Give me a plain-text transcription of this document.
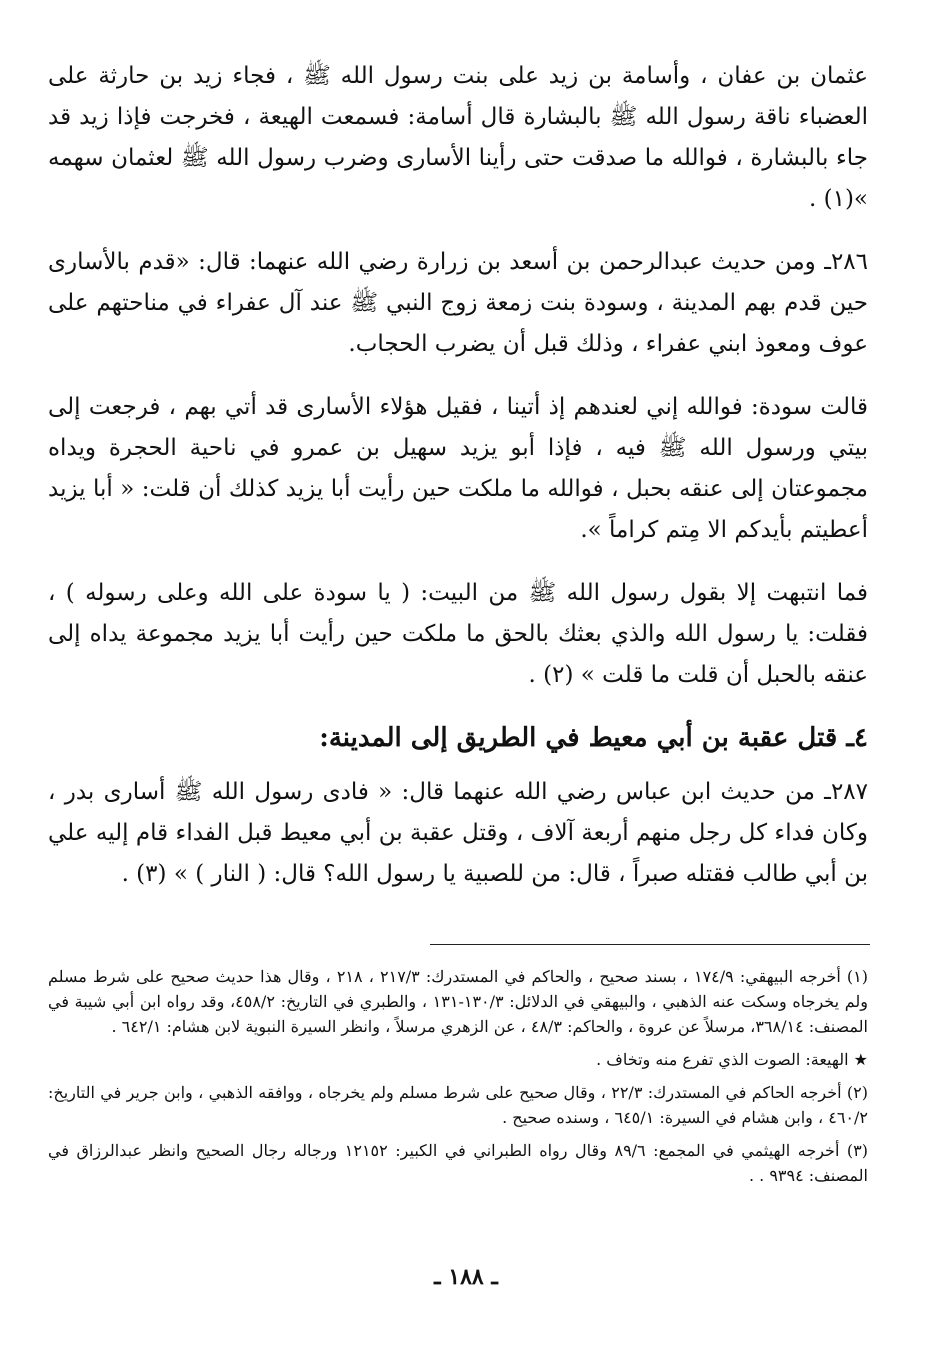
عثمان بن عفان ، وأسامة بن زيد على بنت رسول الله ﷺ ، فجاء زيد بن حارثة على العضباء ناقة رسول الله ﷺ بالبشارة قال أسامة: فسمعت الهيعة ، فخرجت فإذا زيد قد جاء بالبشارة ، فوالله ما صدقت حتى رأينا الأسارى وضرب رسول الله ﷺ لعثمان سهمه »(١) .

٢٨٦ـ ومن حديث عبدالرحمن بن أسعد بن زرارة رضي الله عنهما: قال: «قدم بالأسارى حين قدم بهم المدينة ، وسودة بنت زمعة زوج النبي ﷺ عند آل عفراء في مناحتهم على عوف ومعوذ ابني عفراء ، وذلك قبل أن يضرب الحجاب.

قالت سودة: فوالله إني لعندهم إذ أتينا ، فقيل هؤلاء الأسارى قد أتي بهم ، فرجعت إلى بيتي ورسول الله ﷺ فيه ، فإذا أبو يزيد سهيل بن عمرو في ناحية الحجرة ويداه مجموعتان إلى عنقه بحبل ، فوالله ما ملكت حين رأيت أبا يزيد كذلك أن قلت: « أبا يزيد أعطيتم بأيدكم الا مِتم كراماً ».

فما انتبهت إلا بقول رسول الله ﷺ من البيت: ( يا سودة على الله وعلى رسوله ) ، فقلت: يا رسول الله والذي بعثك بالحق ما ملكت حين رأيت أبا يزيد مجموعة يداه إلى عنقه بالحبل أن قلت ما قلت » (٢) .

٤ـ قتل عقبة بن أبي معيط في الطريق إلى المدينة:

٢٨٧ـ من حديث ابن عباس رضي الله عنهما قال: « فادى رسول الله ﷺ أسارى بدر ، وكان فداء كل رجل منهم أربعة آلاف ، وقتل عقبة بن أبي معيط قبل الفداء قام إليه علي بن أبي طالب فقتله صبراً ، قال: من للصبية يا رسول الله؟ قال: ( النار ) » (٣) .

(١) أخرجه البيهقي: ١٧٤/٩ ، بسند صحيح ، والحاكم في المستدرك: ٢١٧/٣ ، ٢١٨ ، وقال هذا حديث صحيح على شرط مسلم ولم يخرجاه وسكت عنه الذهبي ، والبيهقي في الدلائل: ١٣٠/٣-١٣١ ، والطبري في التاريخ: ٤٥٨/٢، وقد رواه ابن أبي شيبة في المصنف: ٣٦٨/١٤، مرسلاً عن عروة ، والحاكم: ٤٨/٣ ، عن الزهري مرسلاً ، وانظر السيرة النبوية لابن هشام: ٦٤٢/١ .

★ الهيعة: الصوت الذي تفرع منه وتخاف .

(٢) أخرجه الحاكم في المستدرك: ٢٢/٣ ، وقال صحيح على شرط مسلم ولم يخرجاه ، ووافقه الذهبي ، وابن جرير في التاريخ: ٤٦٠/٢ ، وابن هشام في السيرة: ٦٤٥/١ ، وسنده صحيح .

(٣) أخرجه الهيثمي في المجمع: ٨٩/٦ وقال رواه الطبراني في الكبير: ١٢١٥٢ ورجاله رجال الصحيح وانظر عبدالرزاق في المصنف: ٩٣٩٤ . .

ـ ١٨٨ ـ
